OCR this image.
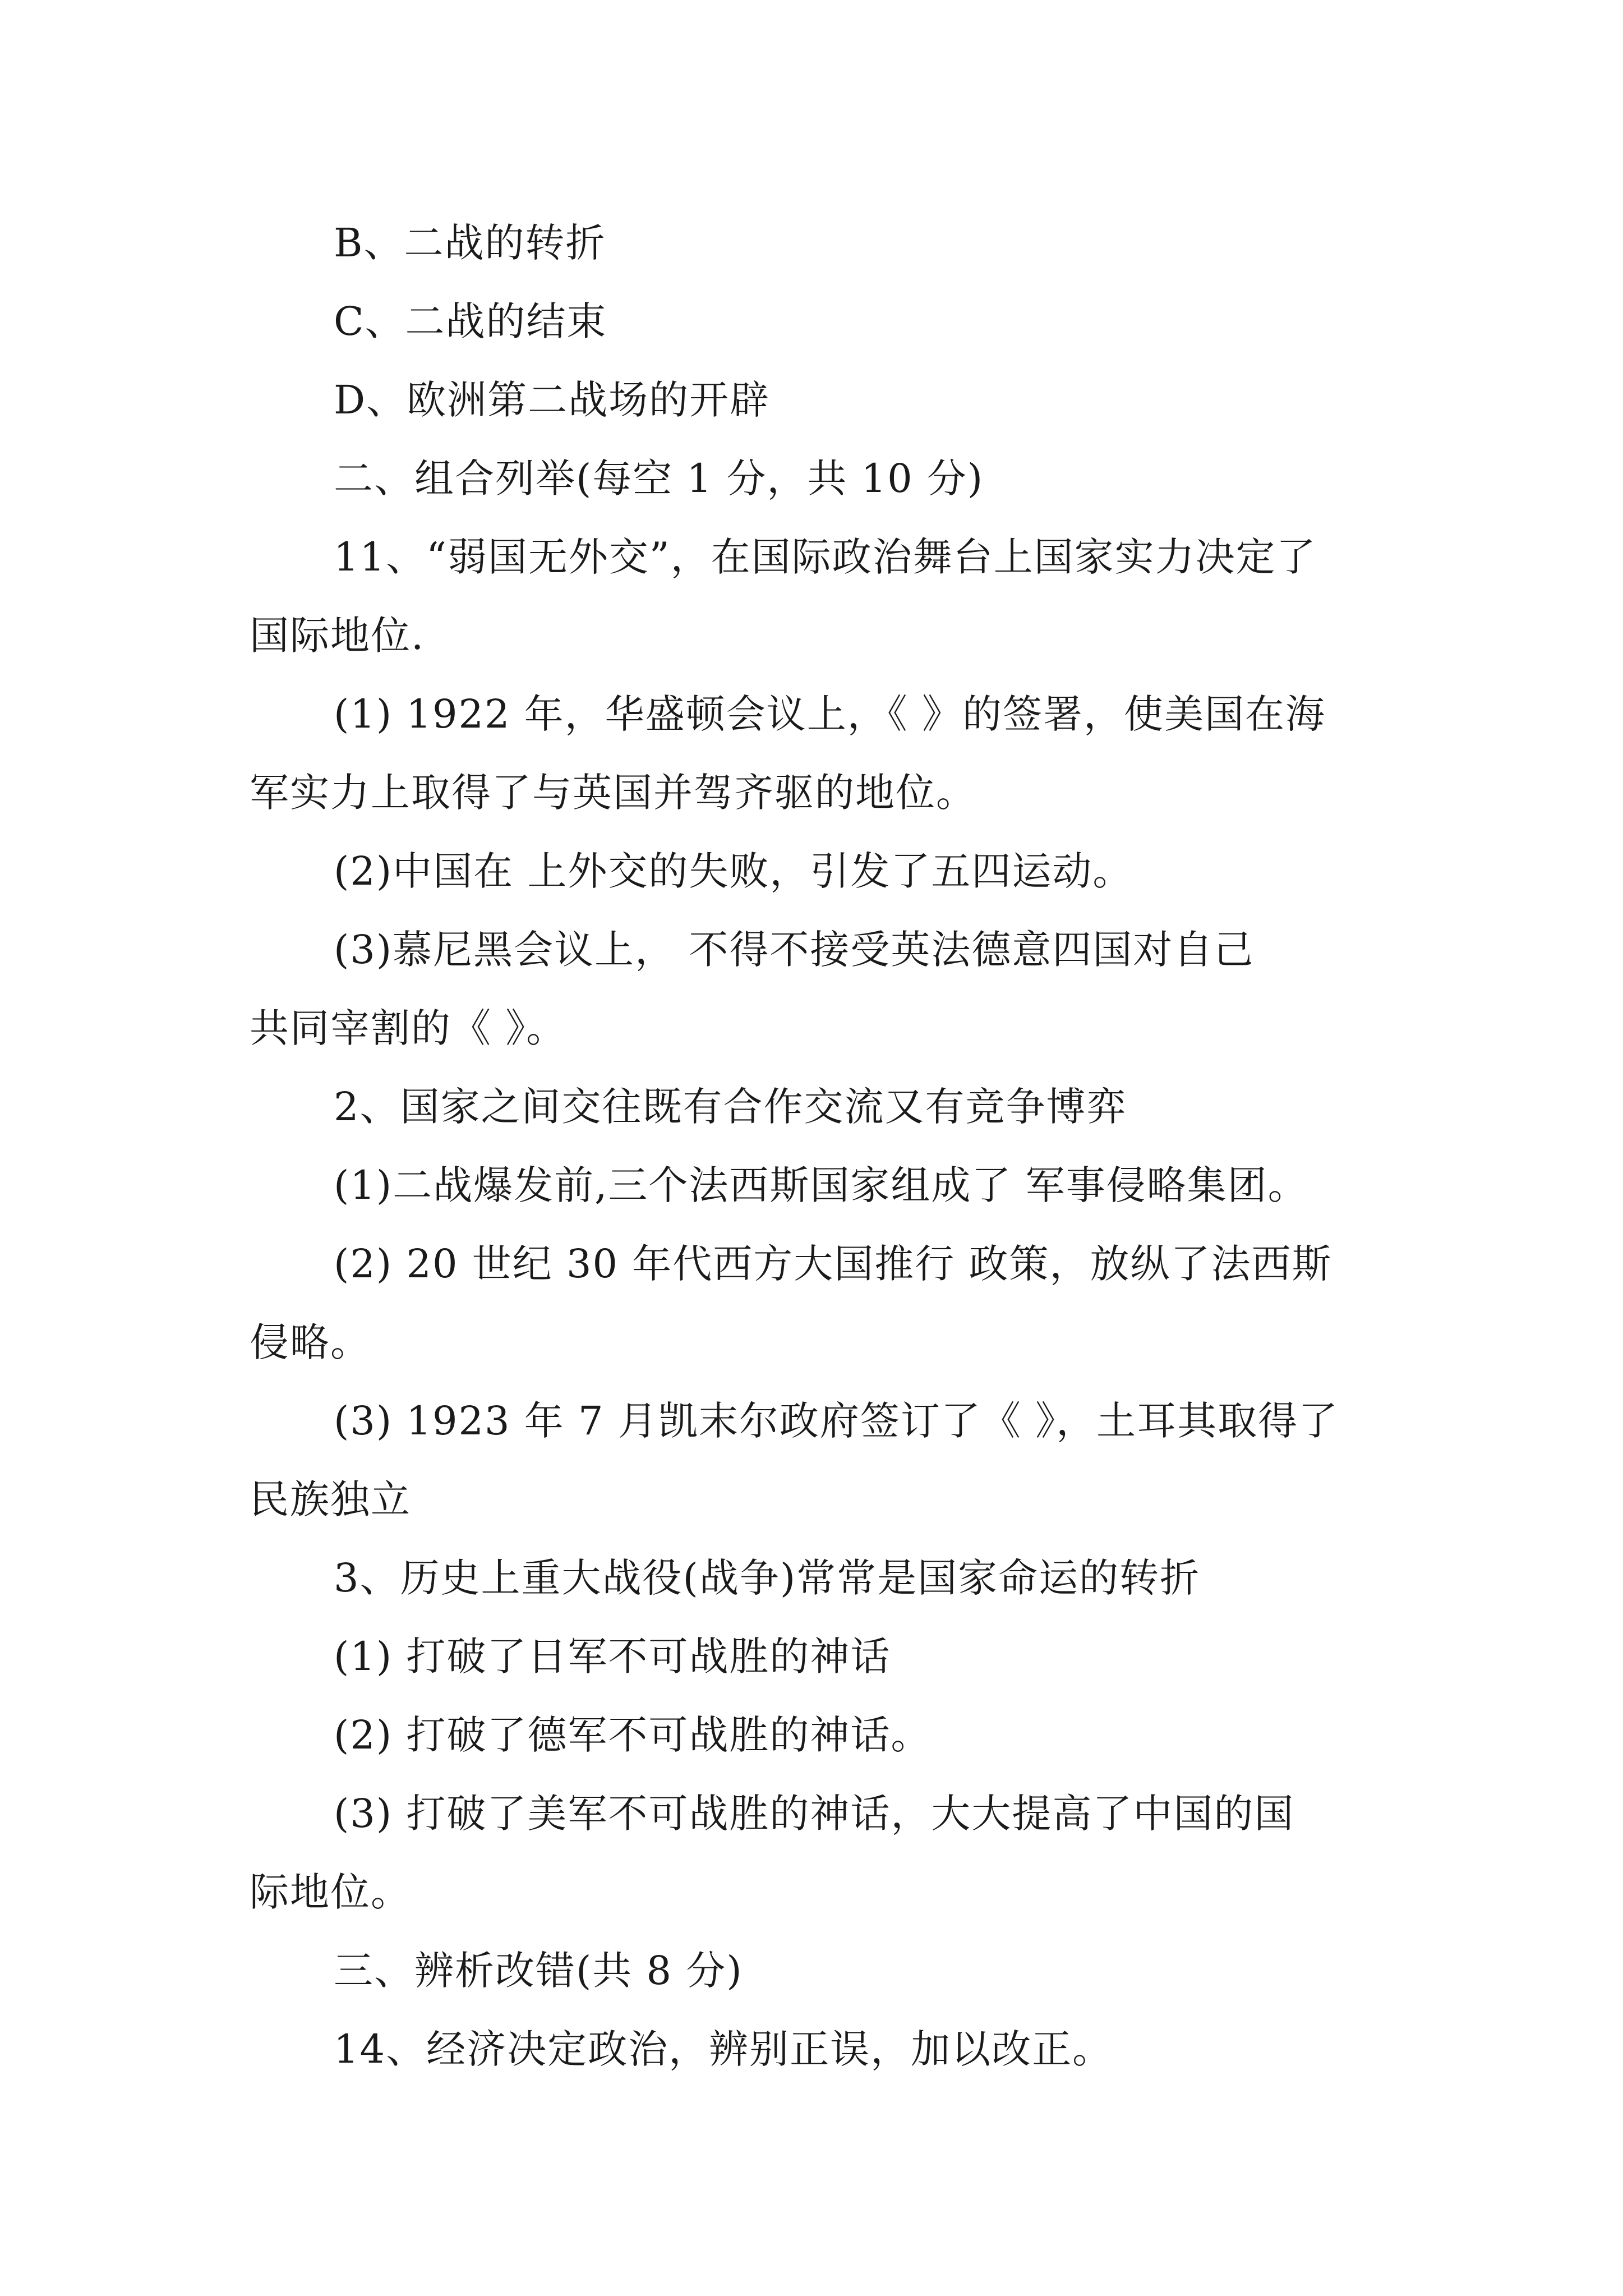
B、二战的转折
C、二战的结束
D、欧洲第二战场的开辟
二、组合列举(每空 1 分，共 10 分)
11、“弱国无外交”，在国际政治舞台上国家实力决定了
国际地位.
(1) 1922 年，华盛顿会议上，《 》的签署，使美国在海
军实力上取得了与英国并驾齐驱的地位。
(2)中国在 上外交的失败，引发了五四运动。
(3)慕尼黑会议上， 不得不接受英法德意四国对自己
共同宰割的《 》。
2、国家之间交往既有合作交流又有竞争博弈
(1)二战爆发前,三个法西斯国家组成了 军事侵略集团。
(2) 20 世纪 30 年代西方大国推行 政策，放纵了法西斯
侵略。
(3) 1923 年 7 月凯末尔政府签订了《 》，土耳其取得了
民族独立
3、历史上重大战役(战争)常常是国家命运的转折
(1) 打破了日军不可战胜的神话
(2) 打破了德军不可战胜的神话。
(3) 打破了美军不可战胜的神话，大大提高了中国的国
际地位。
三、辨析改错(共 8 分)
14、经济决定政治，辨别正误，加以改正。
